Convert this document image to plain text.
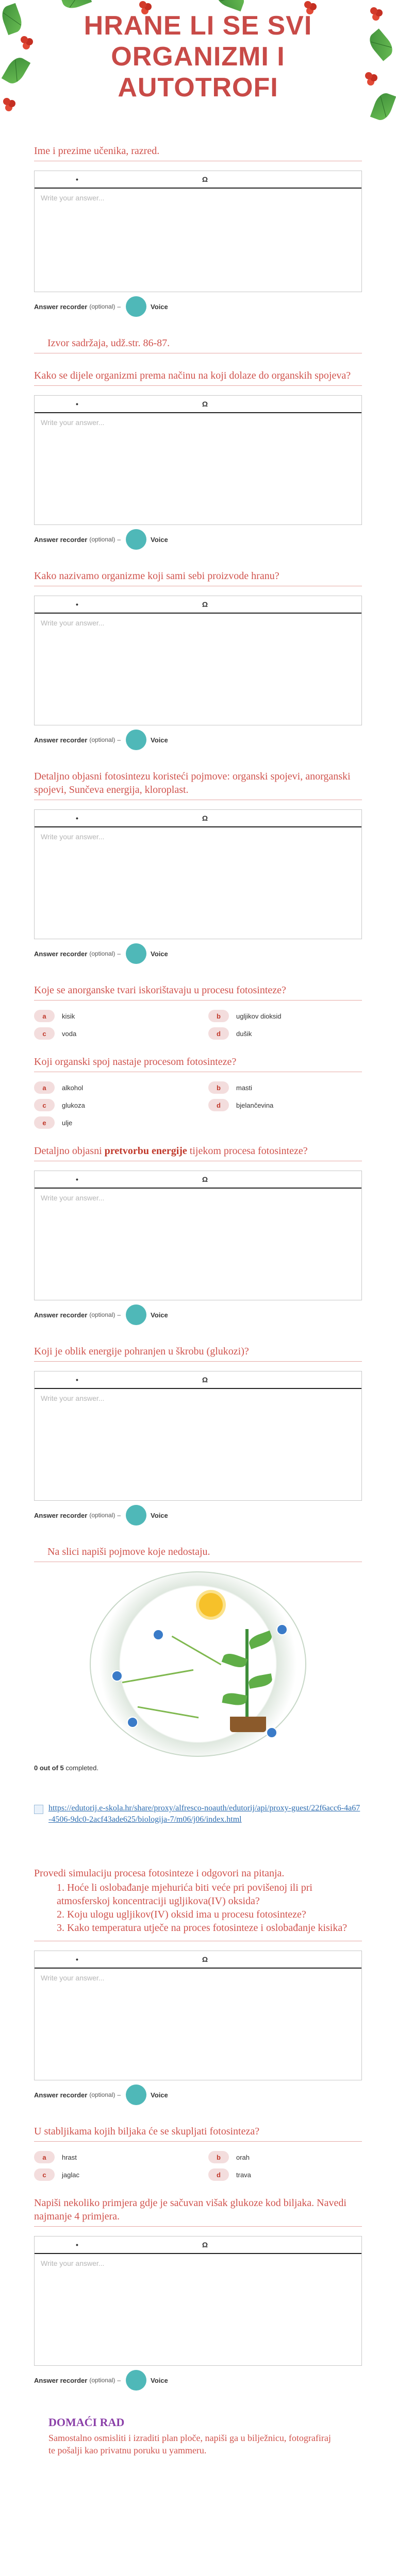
HRANE LI SE SVI
ORGANIZMI I
AUTOTROFI
Ime i prezime učenika, razred.
•	Ω
Write your answer...
Answer recorder (optional) –	Voice
Izvor sadržaja, udž.str. 86-87.
Kako se dijele organizmi prema načinu na koji dolaze do organskih spojeva?
•	Ω
Write your answer...
Answer recorder (optional) –	Voice
Kako nazivamo organizme koji sami sebi proizvode hranu?
•	Ω
Write your answer...
Answer recorder (optional) –	Voice
Detaljno objasni fotosintezu koristeći pojmove: organski spojevi, anorganski spojevi, Sunčeva energija, kloroplast.
•	Ω
Write your answer...
Answer recorder (optional) –	Voice
Koje se anorganske tvari iskorištavaju u procesu fotosinteze?
a	kisik	b	ugljikov dioksid
c	voda	d	dušik
Koji organski spoj nastaje procesom fotosinteze?
a	alkohol	b	masti
c	glukoza	d	bjelančevina
e	ulje
Detaljno objasni pretvorbu energije tijekom procesa fotosinteze?
•	Ω
Write your answer...
Answer recorder (optional) –	Voice
Koji je oblik energije pohranjen u škrobu (glukozi)?
•	Ω
Write your answer...
Answer recorder (optional) –	Voice
Na slici napiši pojmove koje nedostaju.
0 out of 5 completed.
https://edutorij.e-skola.hr/share/proxy/alfresco-noauth/edutorij/api/proxy-guest/22f6acc6-4a67-4506-9dc0-2acf43ade625/biologija-7/m06/j06/index.html
Provedi simulaciju procesa fotosinteze i odgovori na pitanja.
1. Hoće li oslobađanje mjehurića biti veće pri povišenoj ili pri atmosferskoj koncentraciji ugljikova(IV) oksida?
2. Koju ulogu ugljikov(IV) oksid ima u procesu fotosinteze?
3. Kako temperatura utječe na proces fotosinteze i oslobađanje kisika?
•	Ω
Write your answer...
Answer recorder (optional) –	Voice
U stabljikama kojih biljaka će se skupljati fotosinteza?
a	hrast	b	orah
c	jaglac	d	trava
Napiši nekoliko primjera gdje je sačuvan višak glukoze kod biljaka. Navedi najmanje 4 primjera.
•	Ω
Write your answer...
Answer recorder (optional) –	Voice
DOMAĆI RAD
Samostalno osmisliti i izraditi plan ploče, napiši ga u bilježnicu, fotografiraj te pošalji kao privatnu poruku u yammeru.
